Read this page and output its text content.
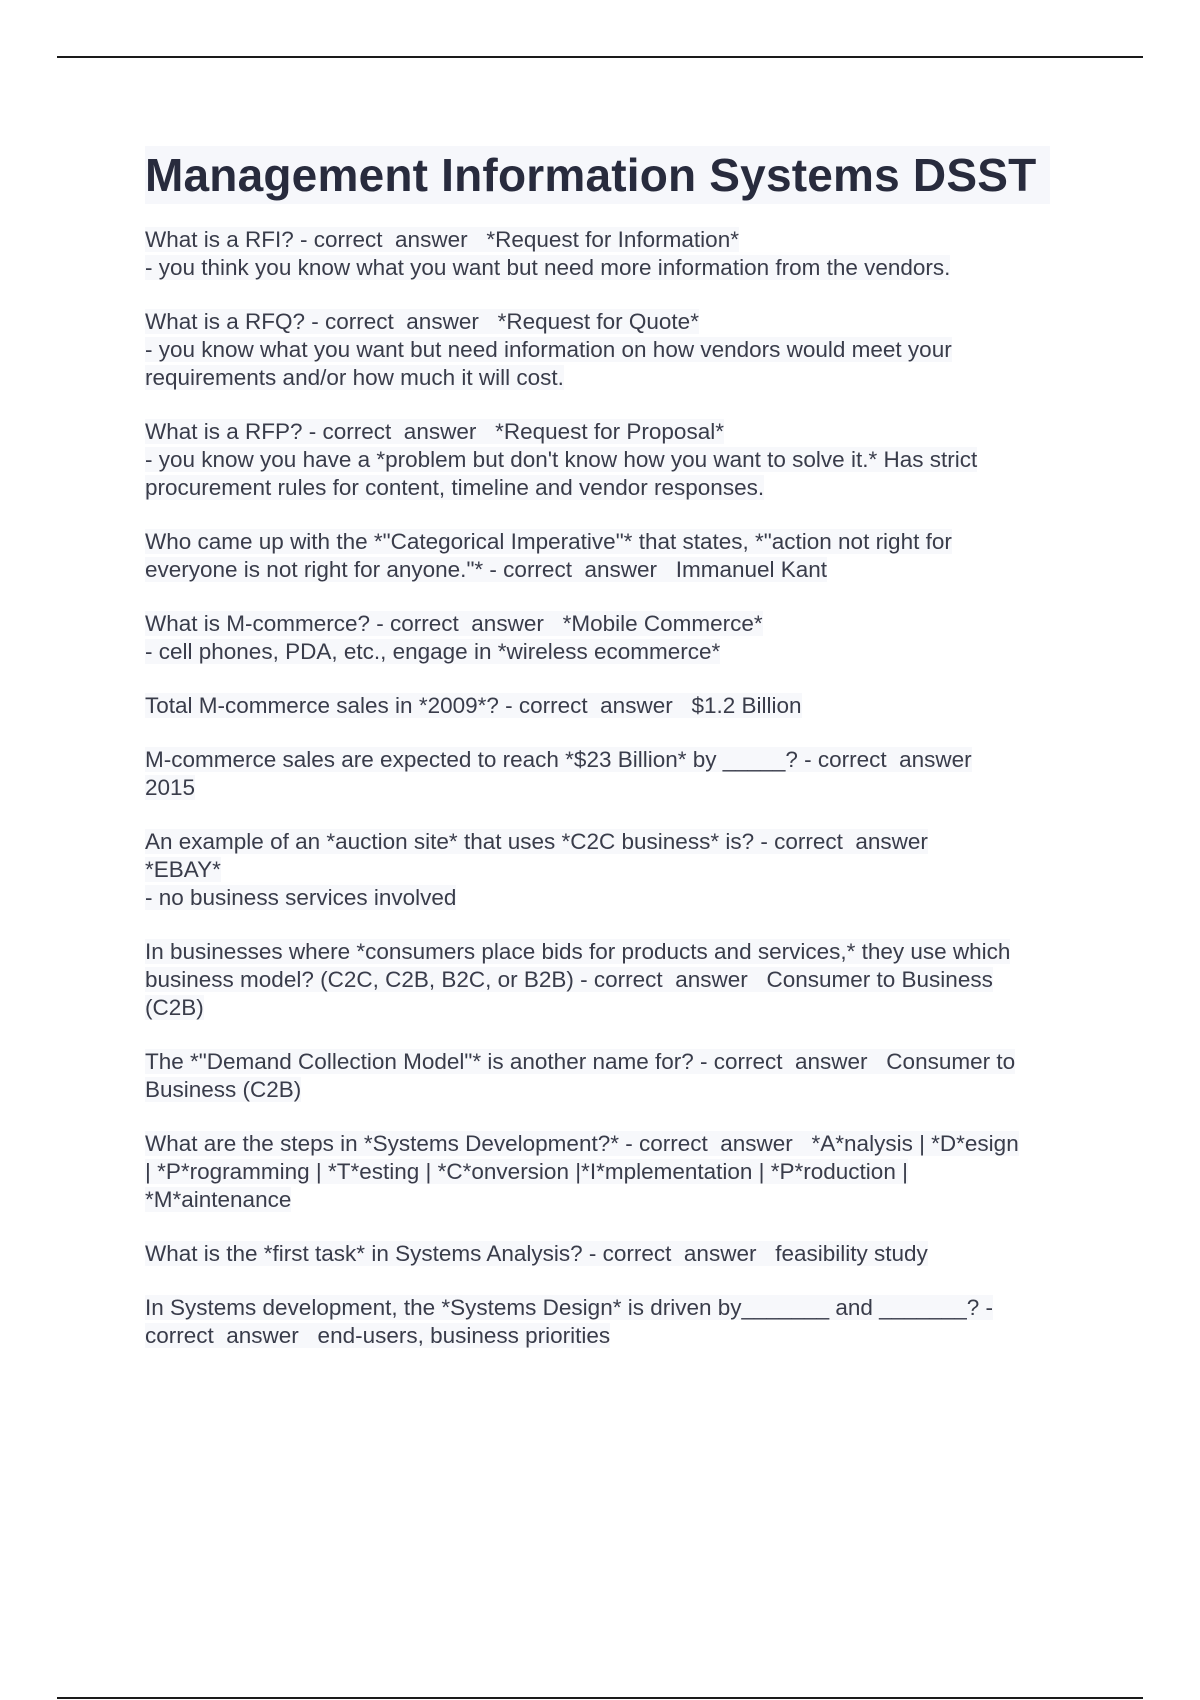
Management Information Systems DSST
What is a RFI? - correct  answer   *Request for Information*
- you think you know what you want but need more information from the vendors.
What is a RFQ? - correct  answer   *Request for Quote*
- you know what you want but need information on how vendors would meet your
requirements and/or how much it will cost.
What is a RFP? - correct  answer   *Request for Proposal*
- you know you have a *problem but don't know how you want to solve it.* Has strict
procurement rules for content, timeline and vendor responses.
Who came up with the *"Categorical Imperative"* that states, *"action not right for
everyone is not right for anyone."* - correct  answer   Immanuel Kant
What is M-commerce? - correct  answer   *Mobile Commerce*
- cell phones, PDA, etc., engage in *wireless ecommerce*
Total M-commerce sales in *2009*? - correct  answer   $1.2 Billion
M-commerce sales are expected to reach *$23 Billion* by _____? - correct  answer
2015
An example of an *auction site* that uses *C2C business* is? - correct  answer
*EBAY*
- no business services involved
In businesses where *consumers place bids for products and services,* they use which
business model? (C2C, C2B, B2C, or B2B) - correct  answer   Consumer to Business
(C2B)
The *"Demand Collection Model"* is another name for? - correct  answer   Consumer to
Business (C2B)
What are the steps in *Systems Development?* - correct  answer   *A*nalysis | *D*esign
| *P*rogramming | *T*esting | *C*onversion |*I*mplementation | *P*roduction |
*M*aintenance
What is the *first task* in Systems Analysis? - correct  answer   feasibility study
In Systems development, the *Systems Design* is driven by_______ and _______? -
correct  answer   end-users, business priorities
